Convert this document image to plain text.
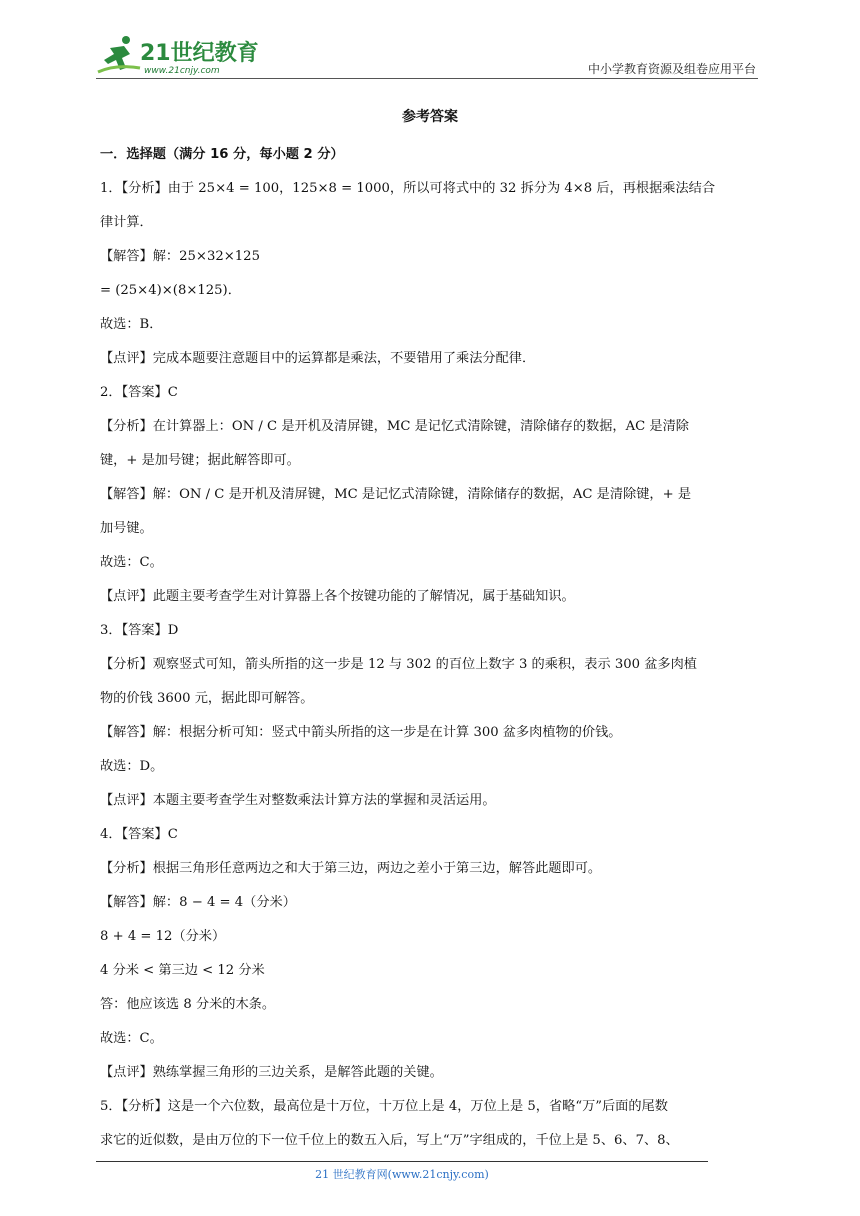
21世纪教育
www.21cnjy.com	中小学教育资源及组卷应用平台
参考答案
一．选择题（满分 16 分，每小题 2 分）
1．【分析】由于 25×4 = 100，125×8 = 1000，所以可将式中的 32 拆分为 4×8 后，再根据乘法结合
律计算．
【解答】解：25×32×125
= (25×4)×(8×125)．
故选：B．
【点评】完成本题要注意题目中的运算都是乘法，不要错用了乘法分配律．
2．【答案】C
【分析】在计算器上：ON / C 是开机及清屏键，MC 是记忆式清除键，清除储存的数据，AC 是清除
键，+ 是加号键；据此解答即可。
【解答】解：ON / C 是开机及清屏键，MC 是记忆式清除键，清除储存的数据，AC 是清除键，+ 是
加号键。
故选：C。
【点评】此题主要考查学生对计算器上各个按键功能的了解情况，属于基础知识。
3．【答案】D
【分析】观察竖式可知，箭头所指的这一步是 12 与 302 的百位上数字 3 的乘积，表示 300 盆多肉植
物的价钱 3600 元，据此即可解答。
【解答】解：根据分析可知：竖式中箭头所指的这一步是在计算 300 盆多肉植物的价钱。
故选：D。
【点评】本题主要考查学生对整数乘法计算方法的掌握和灵活运用。
4．【答案】C
【分析】根据三角形任意两边之和大于第三边，两边之差小于第三边，解答此题即可。
【解答】解：8 − 4 = 4（分米）
8 + 4 = 12（分米）
4 分米 < 第三边 < 12 分米
答：他应该选 8 分米的木条。
故选：C。
【点评】熟练掌握三角形的三边关系，是解答此题的关键。
5．【分析】这是一个六位数，最高位是十万位，十万位上是 4，万位上是 5，省略“万”后面的尾数
求它的近似数，是由万位的下一位千位上的数五入后，写上“万”字组成的，千位上是 5、6、7、8、
21 世纪教育网(www.21cnjy.com)
